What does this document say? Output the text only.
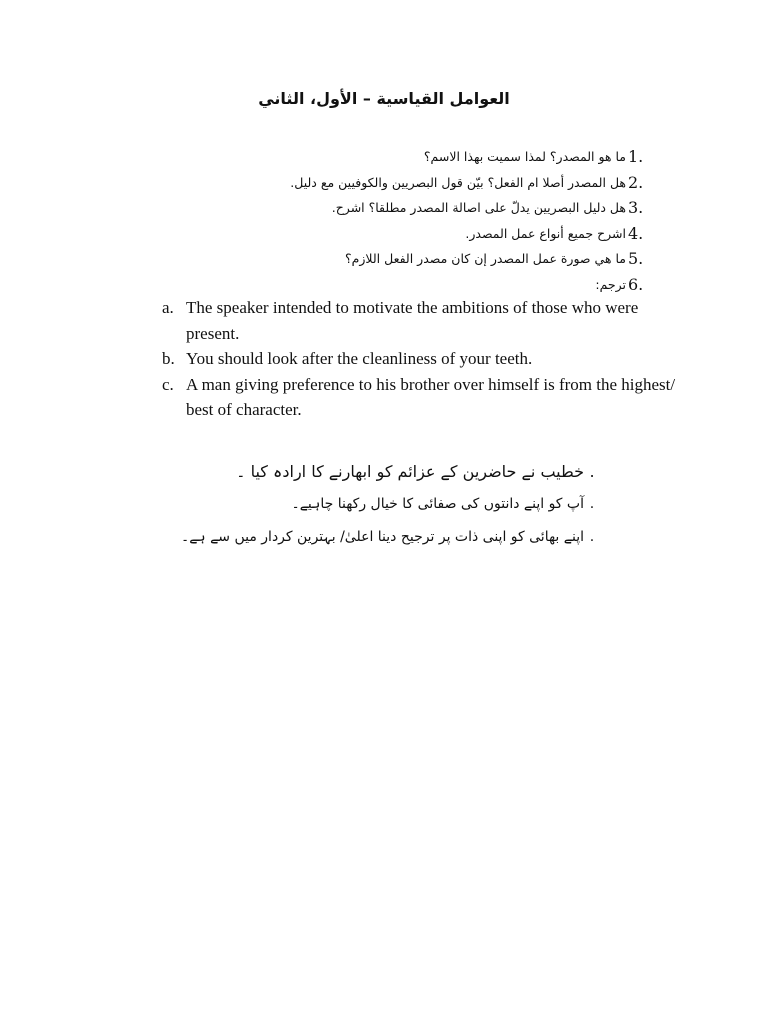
العوامل القياسية – الأول، الثاني
1.
ما هو المصدر؟ لمذا سميت بهذا الاسم؟
2.
هل المصدر أصلا ام الفعل؟ بيّن قول البصريين والكوفيين مع دليل.
3.
هل دليل البصريين يدلّ على اصالة المصدر مطلقا؟ اشرح.
4.
اشرح جميع أنواع عمل المصدر.
5.
ما هي صورة عمل المصدر إن كان مصدر الفعل اللازم؟
6.
ترجم:
a. The speaker intended to motivate the ambitions of those who were present.
b. You should look after the cleanliness of your teeth.
c. A man giving preference to his brother over himself is from the highest/ best of character.
.
خطیب نے حاضرین کے عزائم کو ابھارنے کا ارادہ کیا ۔
.
آپ کو اپنے دانتوں کی صفائی کا خیال رکھنا چاہیے۔
.
اپنے بھائی کو اپنی ذات پر ترجیح دینا اعلیٰ/ بہترین کردار میں سے ہے۔
